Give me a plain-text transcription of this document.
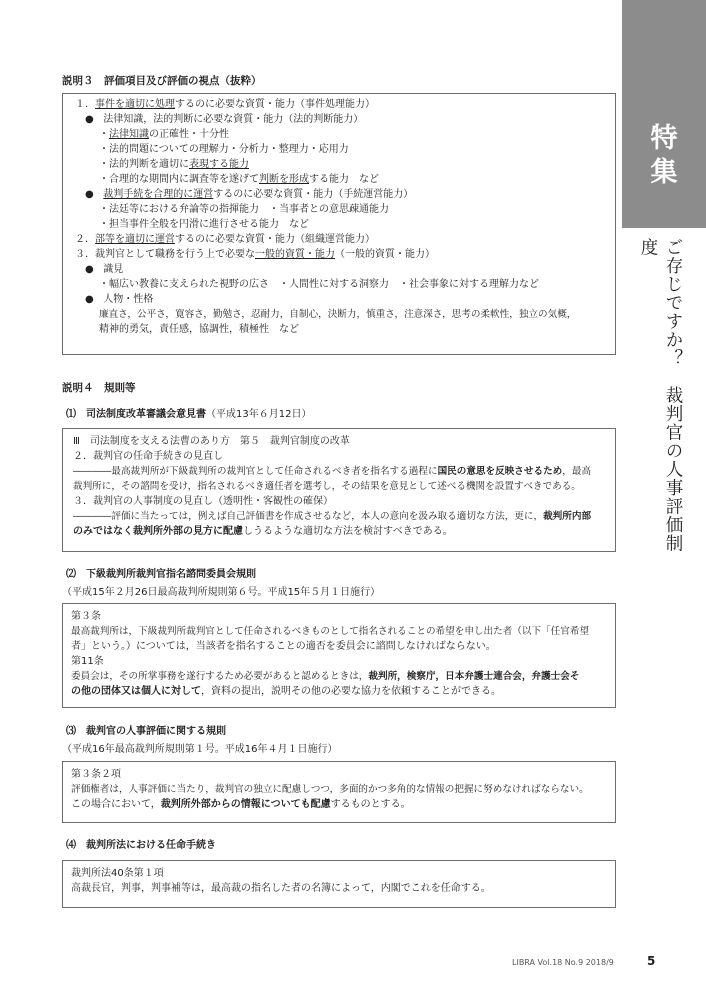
特集
ご存じですか？　裁判官の人事評価制度
説明３　評価項目及び評価の視点（抜粋）
１．事件を適切に処理するのに必要な資質・能力（事件処理能力）
● 法律知識，法的判断に必要な資質・能力（法的判断能力）
・法律知識の正確性・十分性
・法的問題についての理解力・分析力・整理力・応用力
・法的判断を適切に表現する能力
・合理的な期間内に調査等を遂げて判断を形成する能力　など
● 裁判手続を合理的に運営するのに必要な資質・能力（手続運営能力）
・法廷等における弁論等の指揮能力　・当事者との意思疎通能力
・担当事件全般を円滑に進行させる能力　など
２．部等を適切に運営するのに必要な資質・能力（組織運営能力）
３．裁判官として職務を行う上で必要な一般的資質・能力（一般的資質・能力）
● 識見
・幅広い教養に支えられた視野の広さ　・人間性に対する洞察力　・社会事象に対する理解力など
● 人物・性格
廉直さ，公平さ，寛容さ，勤勉さ，忍耐力，自制心，決断力，慎重さ，注意深さ，思考の柔軟性，独立の気概，
精神的勇気，責任感，協調性，積極性　など
説明４　規則等
⑴　司法制度改革審議会意見書（平成13年６月12日）
Ⅲ　司法制度を支える法曹のあり方　第５　裁判官制度の改革
２．裁判官の任命手続きの見直し
――――最高裁判所が下級裁判所の裁判官として任命されるべき者を指名する過程に国民の意思を反映させるため，最高
裁判所に，その諮問を受け，指名されるべき適任者を選考し，その結果を意見として述べる機関を設置すべきである。
３．裁判官の人事制度の見直し（透明性・客観性の確保）
――――評価に当たっては，例えば自己評価書を作成させるなど，本人の意向を汲み取る適切な方法，更に，裁判所内部
のみではなく裁判所外部の見方に配慮しうるような適切な方法を検討すべきである。
⑵　下級裁判所裁判官指名諮問委員会規則
（平成15年２月26日最高裁判所規則第６号。平成15年５月１日施行）
第３条
最高裁判所は，下級裁判所裁判官として任命されるべきものとして指名されることの希望を申し出た者（以下「任官希望
者」という。）については，当該者を指名することの適否を委員会に諮問しなければならない。
第11条
委員会は，その所掌事務を遂行するため必要があると認めるときは，裁判所，検察庁，日本弁護士連合会，弁護士会そ
の他の団体又は個人に対して，資料の提出，説明その他の必要な協力を依頼することができる。
⑶　裁判官の人事評価に関する規則
（平成16年最高裁判所規則第１号。平成16年４月１日施行）
第３条２項
評価権者は，人事評価に当たり，裁判官の独立に配慮しつつ，多面的かつ多角的な情報の把握に努めなければならない。
この場合において，裁判所外部からの情報についても配慮するものとする。
⑷　裁判所法における任命手続き
裁判所法40条第１項
高裁長官，判事，判事補等は，最高裁の指名した者の名簿によって，内閣でこれを任命する。
LIBRA Vol.18 No.9 2018/9	5
